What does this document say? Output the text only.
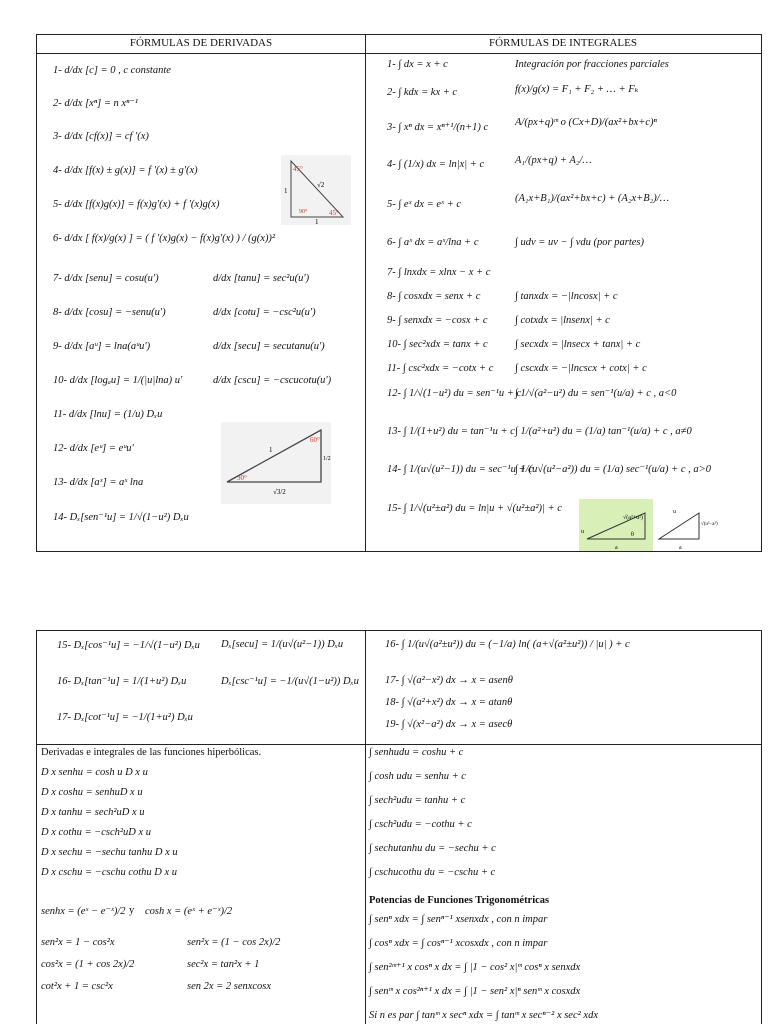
FÓRMULAS DE DERIVADAS
1- d/dx [c] = 0 , c constante
2- d/dx [xⁿ] = n xⁿ⁻¹
3- d/dx [cf(x)] = cf '(x)
4- d/dx [f(x) ± g(x)] = f '(x) ± g'(x)
5- d/dx [f(x)g(x)] = f(x)g'(x) + f '(x)g(x)
6- d/dx [ f(x)/g(x) ] = ( f '(x)g(x) − f(x)g'(x) ) / (g(x))²
7- d/dx [senu] = cosu(u')
8- d/dx [cosu] = −senu(u')
9- d/dx [aᵘ] = lna(aᵘu')
10- d/dx [logₐu] = 1/(|u|lna) u'
11- d/dx [lnu] = (1/u) Dₓu
12- d/dx [eᵘ] = eᵘu'
13- d/dx [aˣ] = aˣ lna
14- Dₓ[sen⁻¹u] = 1/√(1−u²) Dₓu
d/dx [tanu] = sec²u(u')
d/dx [cotu] = −csc²u(u')
d/dx [secu] = secutanu(u')
d/dx [cscu] = −cscucotu(u')
45°
45°
90°
√2
1
1
60°
30°
1
1/2
√3/2
FÓRMULAS DE INTEGRALES
1- ∫ dx = x + c
2- ∫ kdx = kx + c
3- ∫ xⁿ dx = xⁿ⁺¹/(n+1) c
4- ∫ (1/x) dx = ln|x| + c
5- ∫ eˣ dx = eˣ + c
6- ∫ aˣ dx = aˣ/lna + c
7- ∫ lnxdx = xlnx − x + c
8- ∫ cosxdx = senx + c
9- ∫ senxdx = −cosx + c
10- ∫ sec²xdx = tanx + c
11- ∫ csc²xdx = −cotx + c
12- ∫ 1/√(1−u²) du = sen⁻¹u + c
13- ∫ 1/(1+u²) du = tan⁻¹u + c
14- ∫ 1/(u√(u²−1)) du = sec⁻¹u + c
15- ∫ 1/√(u²±a²) du = ln|u + √(u²±a²)| + c
Integración por fracciones parciales
f(x)/g(x) = F₁ + F₂ + … + Fₖ
A/(px+q)ᵐ o (Cx+D)/(ax²+bx+c)ⁿ
A₁/(px+q) + A₂/…
(A₁x+B₁)/(ax²+bx+c) + (A₂x+B₂)/…
∫ udv = uv − ∫ vdu (por partes)
∫ tanxdx = −|lncosx| + c
∫ cotxdx = |lnsenx| + c
∫ secxdx = |lnsecx + tanx| + c
∫ cscxdx = −|lncscx + cotx| + c
∫ 1/√(a²−u²) du = sen⁻¹(u/a) + c , a<0
∫ 1/(a²+u²) du = (1/a) tan⁻¹(u/a) + c , a≠0
∫ 1/(u√(u²−a²)) du = (1/a) sec⁻¹(u/a) + c , a>0
√(a²+u²)
a
u	θ
√(u²−a²)
a
u
15- Dₓ[cos⁻¹u] = −1/√(1−u²) Dₓu
16- Dₓ[tan⁻¹u] = 1/(1+u²) Dₓu
17- Dₓ[cot⁻¹u] = −1/(1+u²) Dₓu
Dₓ[secu] = 1/(u√(u²−1)) Dₓu
Dₓ[csc⁻¹u] = −1/(u√(1−u²)) Dₓu
Derivadas e integrales de las funciones hiperbólicas.
D x senhu = cosh u D x u
D x coshu = senhuD x u
D x tanhu = sech²uD x u
D x cothu = −csch²uD x u
D x sechu = −sechu tanhu D x u
D x cschu = −cschu cothu D x u
senhx = (eˣ − e⁻ˣ)/2 y cosh x = (eˣ + e⁻ˣ)/2
sen²x = 1 − cos²x
cos²x = (1 + cos 2x)/2
cot²x + 1 = csc²x
sen²x = (1 − cos 2x)/2
sec²x = tan²x + 1
sen 2x = 2 senxcosx
16- ∫ 1/(u√(a²±u²)) du = (−1/a) ln( (a+√(a²±u²)) / |u| ) + c
17- ∫ √(a²−x²) dx → x = asenθ
18- ∫ √(a²+x²) dx → x = atanθ
19- ∫ √(x²−a²) dx → x = asecθ
∫ senhudu = coshu + c
∫ cosh udu = senhu + c
∫ sech²udu = tanhu + c
∫ csch²udu = −cothu + c
∫ sechutanhu du = −sechu + c
∫ cschucothu du = −cschu + c
Potencias de Funciones Trigonométricas
∫ senⁿ xdx = ∫ senⁿ⁻¹ xsenxdx , con n impar
∫ cosⁿ xdx = ∫ cosⁿ⁻¹ xcosxdx , con n impar
∫ sen²ᵐ⁺¹ x cosⁿ x dx = ∫ |1 − cos² x|ᵐ cosⁿ x senxdx
∫ senᵐ x cos²ⁿ⁺¹ x dx = ∫ |1 − sen² x|ⁿ senᵐ x cosxdx
Si n es par ∫ tanᵐ x secⁿ xdx = ∫ tanᵐ x secⁿ⁻² x sec² xdx
